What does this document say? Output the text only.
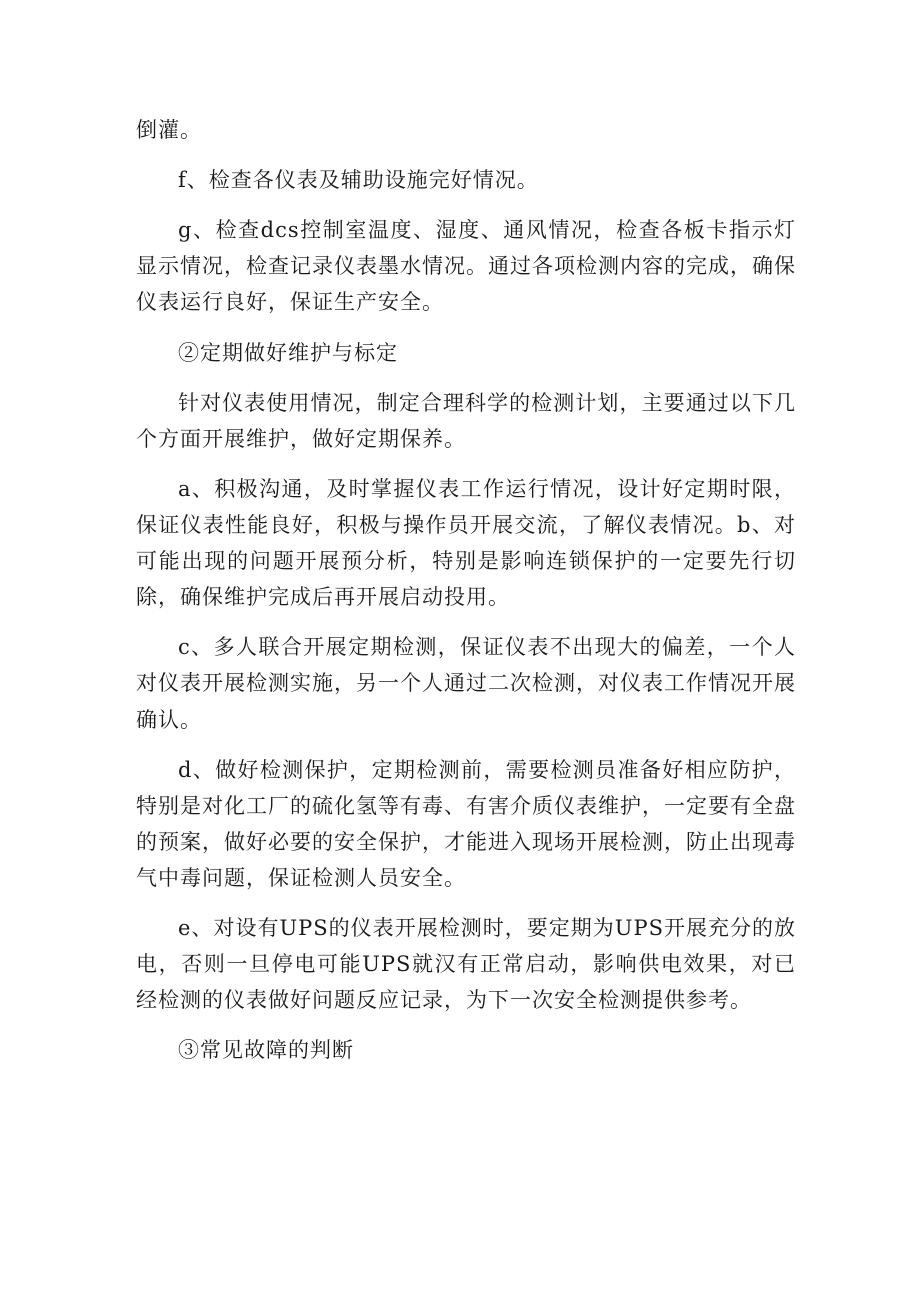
倒灌。

f、检查各仪表及辅助设施完好情况。

g、检查dcs控制室温度、湿度、通风情况，检查各板卡指示灯显示情况，检查记录仪表墨水情况。通过各项检测内容的完成，确保仪表运行良好，保证生产安全。

②定期做好维护与标定

针对仪表使用情况，制定合理科学的检测计划，主要通过以下几个方面开展维护，做好定期保养。

a、积极沟通，及时掌握仪表工作运行情况，设计好定期时限，保证仪表性能良好，积极与操作员开展交流，了解仪表情况。b、对可能出现的问题开展预分析，特别是影响连锁保护的一定要先行切除，确保维护完成后再开展启动投用。

c、多人联合开展定期检测，保证仪表不出现大的偏差，一个人对仪表开展检测实施，另一个人通过二次检测，对仪表工作情况开展确认。

d、做好检测保护，定期检测前，需要检测员准备好相应防护，特别是对化工厂的硫化氢等有毒、有害介质仪表维护，一定要有全盘的预案，做好必要的安全保护，才能进入现场开展检测，防止出现毒气中毒问题，保证检测人员安全。

e、对设有UPS的仪表开展检测时，要定期为UPS开展充分的放电，否则一旦停电可能UPS就汉有正常启动，影响供电效果，对已经检测的仪表做好问题反应记录，为下一次安全检测提供参考。

③常见故障的判断
